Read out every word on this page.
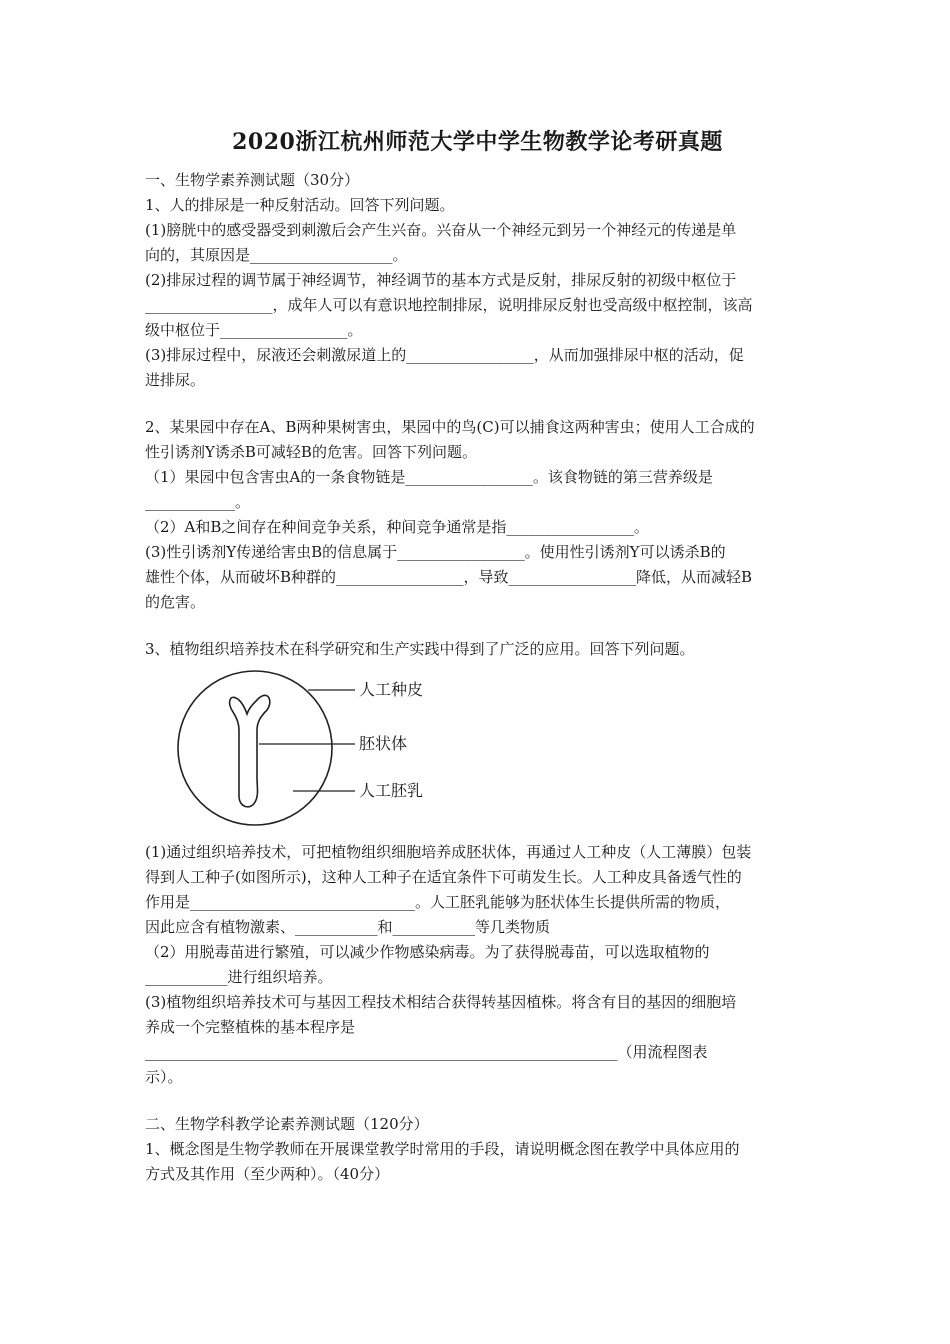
2020浙江杭州师范大学中学生物教学论考研真题

一、生物学素养测试题（30分）

1、人的排尿是一种反射活动。回答下列问题。

(1)膀胱中的感受器受到刺激后会产生兴奋。兴奋从一个神经元到另一个神经元的传递是单

向的，其原因是___________________。

(2)排尿过程的调节属于神经调节，神经调节的基本方式是反射，排尿反射的初级中枢位于

_________________，成年人可以有意识地控制排尿，说明排尿反射也受高级中枢控制，该高

级中枢位于_________________。

(3)排尿过程中，尿液还会刺激尿道上的_________________，从而加强排尿中枢的活动，促

进排尿。

2、某果园中存在A、B两种果树害虫，果园中的鸟(C)可以捕食这两种害虫；使用人工合成的

性引诱剂Y诱杀B可减轻B的危害。回答下列问题。

（1）果园中包含害虫A的一条食物链是_________________。该食物链的第三营养级是

____________。

（2）A和B之间存在种间竞争关系，种间竞争通常是指_________________。

(3)性引诱剂Y传递给害虫B的信息属于_________________。使用性引诱剂Y可以诱杀B的

雄性个体，从而破坏B种群的_________________，导致_________________降低，从而减轻B

的危害。

3、植物组织培养技术在科学研究和生产实践中得到了广泛的应用。回答下列问题。

人工种皮
胚状体
人工胚乳

(1)通过组织培养技术，可把植物组织细胞培养成胚状体，再通过人工种皮（人工薄膜）包装

得到人工种子(如图所示)，这种人工种子在适宜条件下可萌发生长。人工种皮具备透气性的

作用是______________________________。人工胚乳能够为胚状体生长提供所需的物质，

因此应含有植物激素、___________和___________等几类物质

（2）用脱毒苗进行繁殖，可以减少作物感染病毒。为了获得脱毒苗，可以选取植物的

___________进行组织培养。

(3)植物组织培养技术可与基因工程技术相结合获得转基因植株。将含有目的基因的细胞培

养成一个完整植株的基本程序是

_______________________________________________________________（用流程图表

示）。

二、生物学科教学论素养测试题（120分）

1、概念图是生物学教师在开展课堂教学时常用的手段，请说明概念图在教学中具体应用的

方式及其作用（至少两种）。（40分）
